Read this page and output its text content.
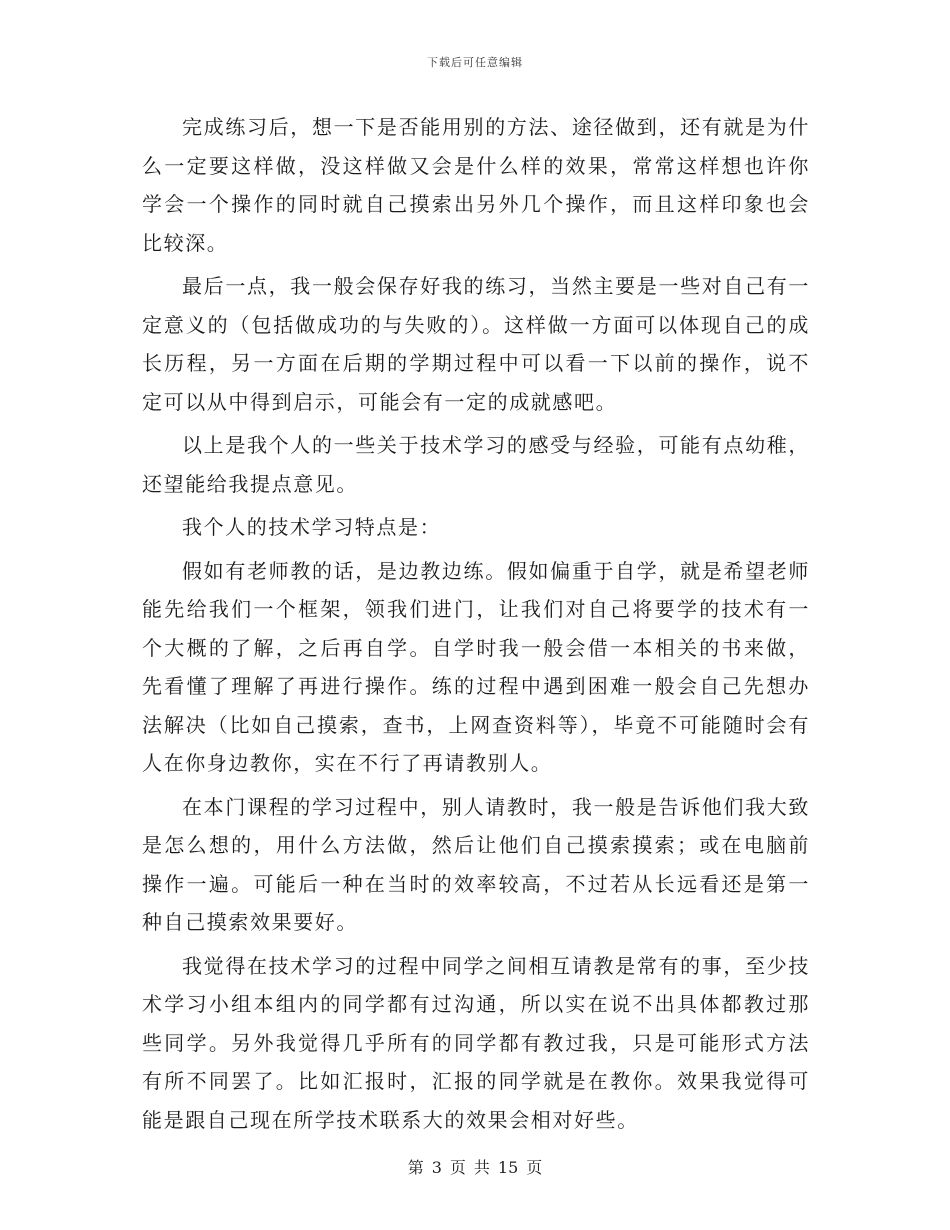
下载后可任意编辑

完成练习后，想一下是否能用别的方法、途径做到，还有就是为什么一定要这样做，没这样做又会是什么样的效果，常常这样想也许你学会一个操作的同时就自己摸索出另外几个操作，而且这样印象也会比较深。

最后一点，我一般会保存好我的练习，当然主要是一些对自己有一定意义的（包括做成功的与失败的）。这样做一方面可以体现自己的成长历程，另一方面在后期的学期过程中可以看一下以前的操作，说不定可以从中得到启示，可能会有一定的成就感吧。

以上是我个人的一些关于技术学习的感受与经验，可能有点幼稚，还望能给我提点意见。

我个人的技术学习特点是：

假如有老师教的话，是边教边练。假如偏重于自学，就是希望老师能先给我们一个框架，领我们进门，让我们对自己将要学的技术有一个大概的了解，之后再自学。自学时我一般会借一本相关的书来做，先看懂了理解了再进行操作。练的过程中遇到困难一般会自己先想办法解决（比如自己摸索，查书，上网查资料等），毕竟不可能随时会有人在你身边教你，实在不行了再请教别人。

在本门课程的学习过程中，别人请教时，我一般是告诉他们我大致是怎么想的，用什么方法做，然后让他们自己摸索摸索；或在电脑前操作一遍。可能后一种在当时的效率较高，不过若从长远看还是第一种自己摸索效果要好。

我觉得在技术学习的过程中同学之间相互请教是常有的事，至少技术学习小组本组内的同学都有过沟通，所以实在说不出具体都教过那些同学。另外我觉得几乎所有的同学都有教过我，只是可能形式方法有所不同罢了。比如汇报时，汇报的同学就是在教你。效果我觉得可能是跟自己现在所学技术联系大的效果会相对好些。

第 3 页 共 15 页
